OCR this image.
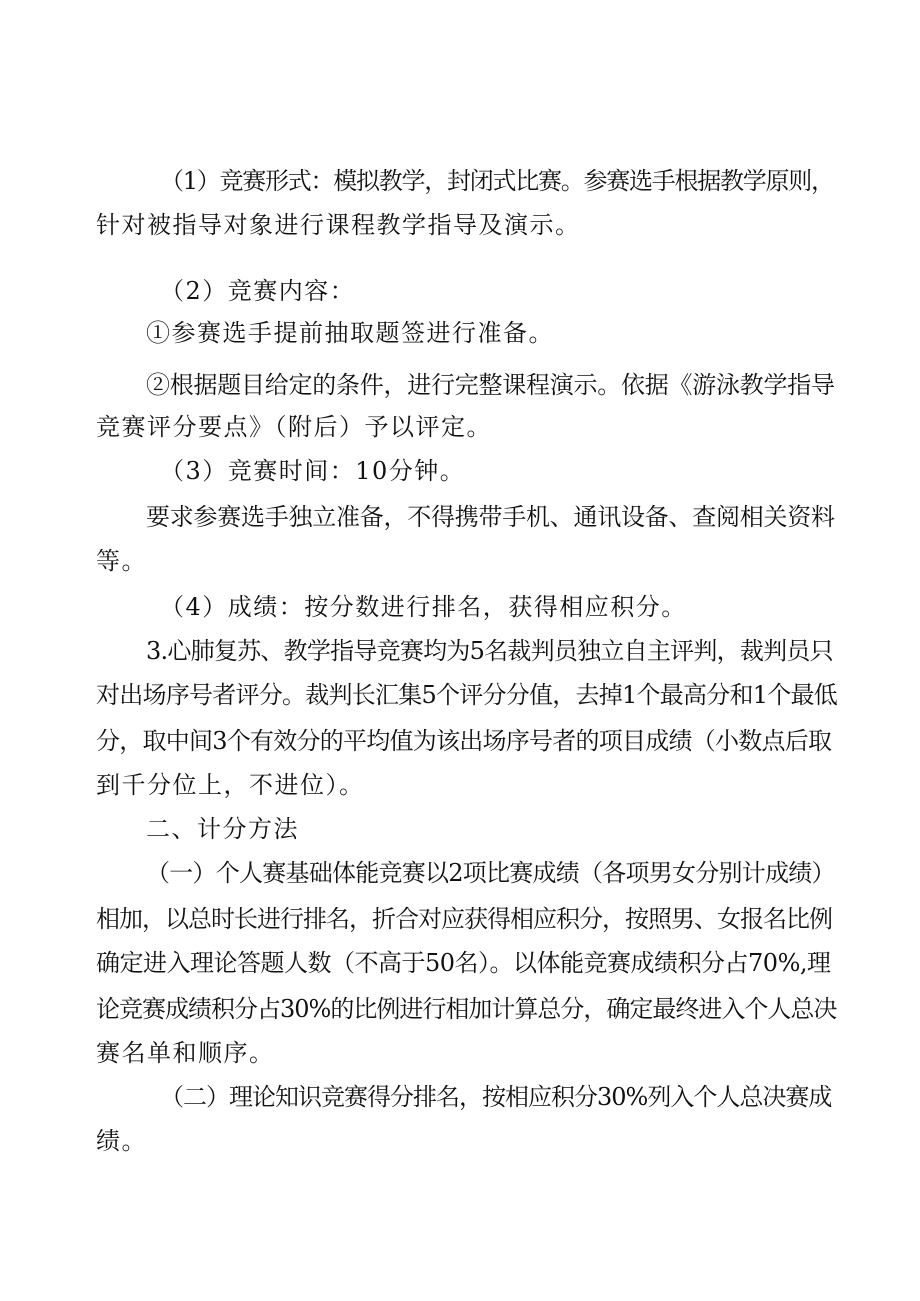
（1）竞赛形式：模拟教学，封闭式比赛。参赛选手根据教学原则，
针对被指导对象进行课程教学指导及演示。
（2）竞赛内容：
①参赛选手提前抽取题签进行准备。
②根据题目给定的条件，进行完整课程演示。依据《游泳教学指导
竞赛评分要点》（附后）予以评定。
（3）竞赛时间：10分钟。
要求参赛选手独立准备，不得携带手机、通讯设备、查阅相关资料
等。
（4）成绩：按分数进行排名，获得相应积分。
3.心肺复苏、教学指导竞赛均为5名裁判员独立自主评判，裁判员只
对出场序号者评分。裁判长汇集5个评分分值，去掉1个最高分和1个最低
分，取中间3个有效分的平均值为该出场序号者的项目成绩（小数点后取
到千分位上，不进位）。
二、计分方法
（一）个人赛基础体能竞赛以2项比赛成绩（各项男女分别计成绩）
相加，以总时长进行排名，折合对应获得相应积分，按照男、女报名比例
确定进入理论答题人数（不高于50名）。以体能竞赛成绩积分占70%,理
论竞赛成绩积分占30%的比例进行相加计算总分，确定最终进入个人总决
赛名单和顺序。
（二）理论知识竞赛得分排名，按相应积分30%列入个人总决赛成
绩。
